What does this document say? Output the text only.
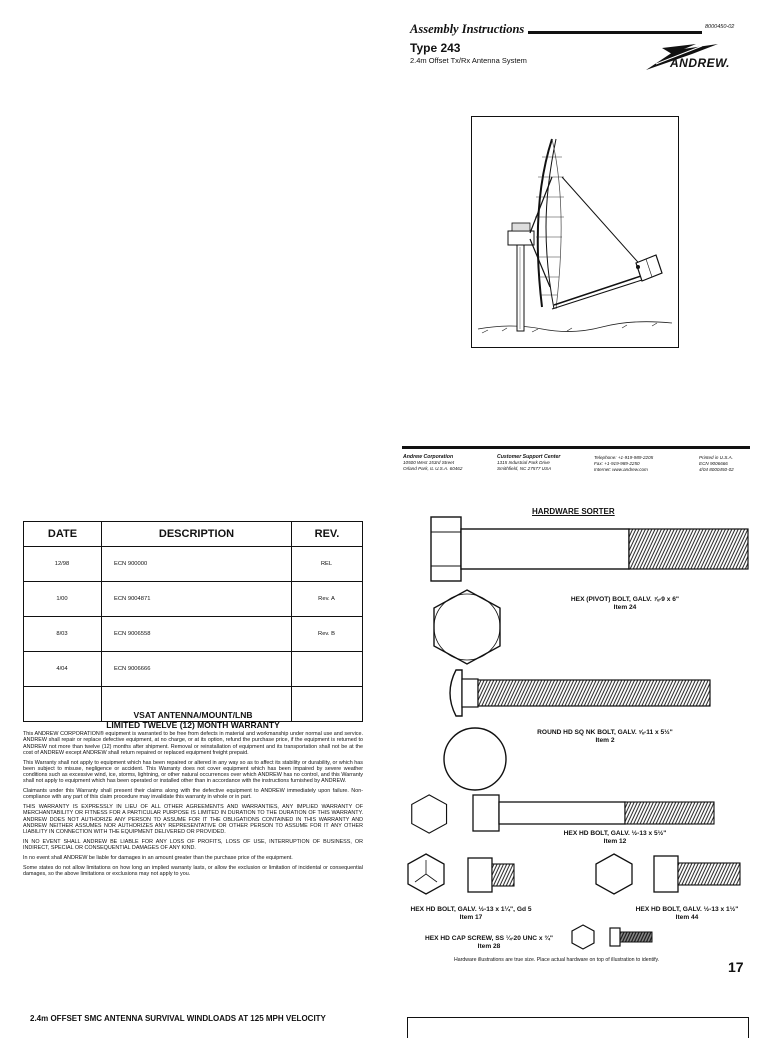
Assembly Instructions	8000450-02
Type 243
2.4m Offset Tx/Rx Antenna System	ANDREW.
Andrew Corporation
10500 West 153rd Street
Orland Park, IL U.S.A. 60462
Customer Support Center
1315 Industrial Park Drive
Smithfield, NC 27577 USA
Telephone: +1-919-989-2205
Fax: +1-919-989-2250
Internet: www.andrew.com
Printed in U.S.A.
ECN 9006666
4/04 8000450-02
DATE	DESCRIPTION	REV.
12/98	ECN 900000	REL
1/00	ECN 9004871	Rev. A
8/03	ECN 9006558	Rev. B
4/04	ECN 9006666	

VSAT ANTENNA/MOUNT/LNB
LIMITED TWELVE (12) MONTH WARRANTY

This ANDREW CORPORATION® equipment is warranted to be free from defects in material and workmanship under normal use and service. ANDREW shall repair or replace defective equipment, at no charge, or at its option, refund the purchase price, if the equipment is returned to ANDREW not more than twelve (12) months after shipment. Removal or reinstallation of equipment and its transportation shall not be at the cost of ANDREW except ANDREW shall return repaired or replaced equipment freight prepaid.

This Warranty shall not apply to equipment which has been repaired or altered in any way so as to affect its stability or durability, or which has been subject to misuse, negligence or accident. This Warranty does not cover equipment which has been impaired by severe weather conditions such as excessive wind, ice, storms, lightning, or other natural occurrences over which ANDREW has no control, and this Warranty shall not apply to equipment which has been operated or installed other than in accordance with the instructions furnished by ANDREW.

Claimants under this Warranty shall present their claims along with the defective equipment to ANDREW immediately upon failure. Non-compliance with any part of this claim procedure may invalidate this warranty in whole or in part.

THIS WARRANTY IS EXPRESSLY IN LIEU OF ALL OTHER AGREEMENTS AND WARRANTIES, ANY IMPLIED WARRANTY OF MERCHANTABILITY OR FITNESS FOR A PARTICULAR PURPOSE IS LIMITED IN DURATION TO THE DURATION OF THIS WARRANTY. ANDREW DOES NOT AUTHORIZE ANY PERSON TO ASSUME FOR IT THE OBLIGATIONS CONTAINED IN THIS WARRANTY AND ANDREW NEITHER ASSUMES NOR AUTHORIZES ANY REPRESENTATIVE OR OTHER PERSON TO ASSUME FOR IT ANY OTHER LIABILITY IN CONNECTION WITH THE EQUIPMENT DELIVERED OR PROVIDED.

IN NO EVENT SHALL ANDREW BE LIABLE FOR ANY LOSS OF PROFITS, LOSS OF USE, INTERRUPTION OF BUSINESS, OR INDIRECT, SPECIAL OR CONSEQUENTIAL DAMAGES OF ANY KIND.

In no event shall ANDREW be liable for damages in an amount greater than the purchase price of the equipment.

Some states do not allow limitations on how long an implied warranty lasts, or allow the exclusion or limitation of incidental or consequential damages, so the above limitations or exclusions may not apply to you.

HARDWARE SORTER
HEX (PIVOT) BOLT, GALV. ⅞-9 x 6"
Item 24
ROUND HD SQ NK BOLT, GALV. ⅝-11 x 5½"
Item 2
HEX HD BOLT, GALV. ½-13 x 5½"
Item 12
HEX HD BOLT, GALV. ½-13 x 1¼", Gd 5
Item 17
HEX HD BOLT, GALV. ½-13 x 1½"
Item 44
HEX HD CAP SCREW, SS ¼-20 UNC x ¾"
Item 28
Hardware illustrations are true size. Place actual hardware on top of illustration to identify.	17
2.4m OFFSET SMC ANTENNA SURVIVAL WINDLOADS AT 125 MPH VELOCITY
